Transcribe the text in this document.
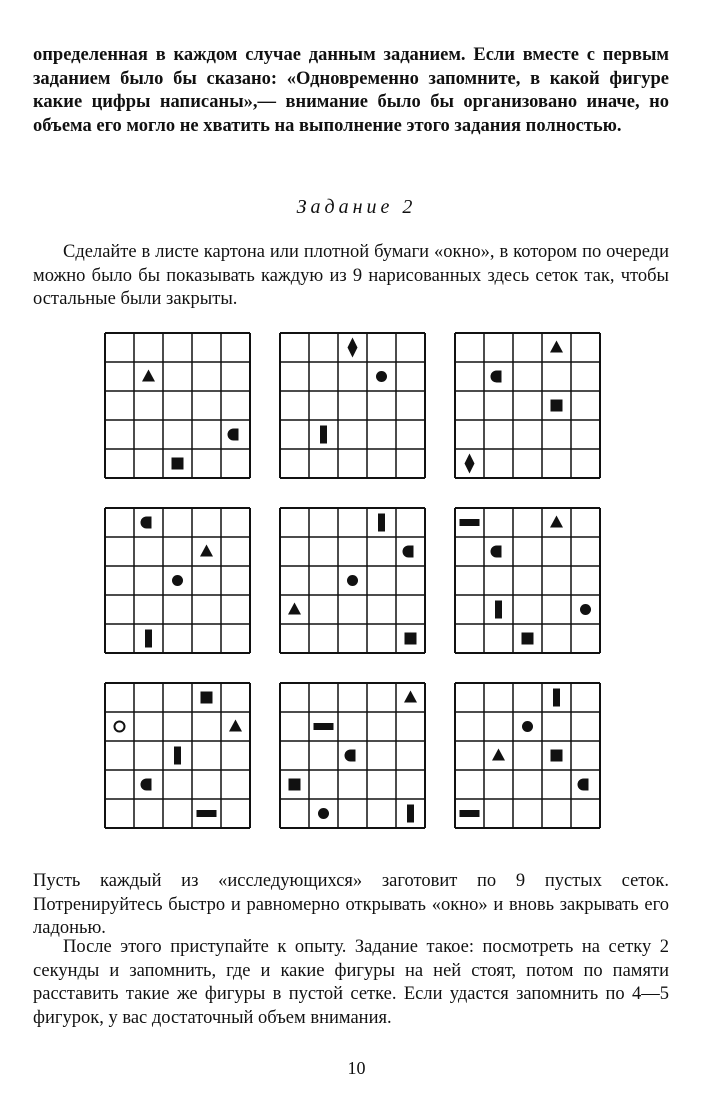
определенная в каждом случае данным заданием. Если вместе с первым заданием было бы сказано: «Одновременно запомните, в какой фигуре какие цифры написаны»,— внимание было бы организовано иначе, но объема его могло не хватить на выполнение этого задания полностью.

Задание 2

Сделайте в листе картона или плотной бумаги «окно», в котором по очереди можно было бы показывать каждую из 9 нарисованных здесь сеток так, чтобы остальные были закрыты.

Пусть каждый из «исследующихся» заготовит по 9 пустых сеток. Потренируйтесь быстро и равномерно открывать «окно» и вновь закрывать его ладонью.

После этого приступайте к опыту. Задание такое: посмотреть на сетку 2 секунды и запомнить, где и какие фигуры на ней стоят, потом по памяти расставить такие же фигуры в пустой сетке. Если удастся запомнить по 4—5 фигурок, у вас достаточный объем внимания.

10
